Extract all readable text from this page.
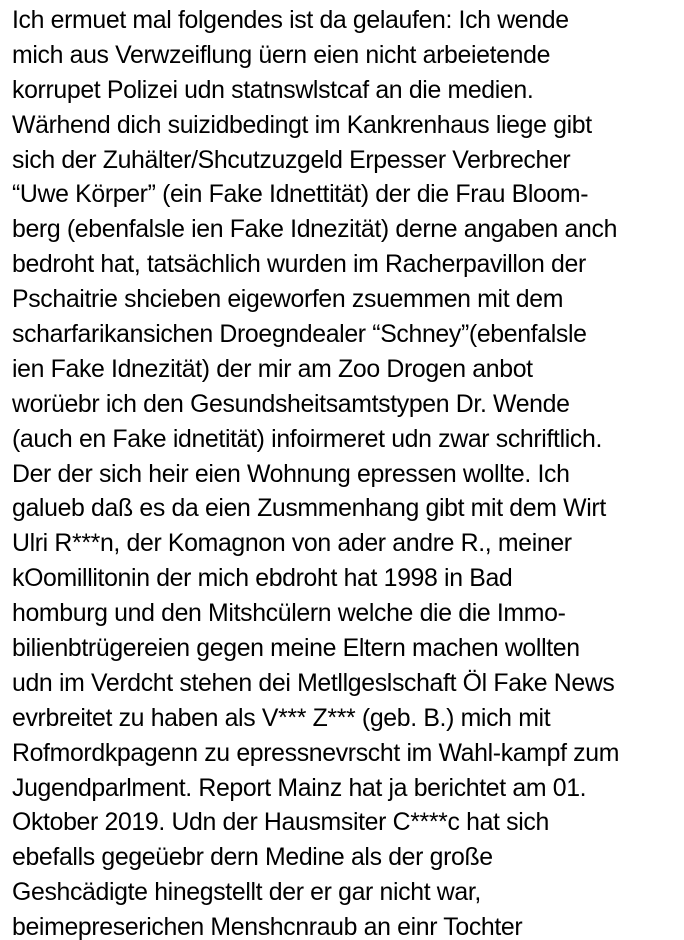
Ich ermuet mal folgendes ist da gelaufen: Ich wende
mich aus Verwzeiflung üern eien nicht arbeietende
korrupet Polizei udn statnswlstcaf an die medien.
Wärhend dich suizidbedingt im Kankrenhaus liege gibt
sich der Zuhälter/Shcutzuzgeld Erpesser Verbrecher
“Uwe Körper” (ein Fake Idnettität) der die Frau Bloom-
berg (ebenfalsle ien Fake Idnezität) derne angaben anch
bedroht hat, tatsächlich wurden im Racherpavillon der
Pschaitrie shcieben eigeworfen zsuemmen mit dem
scharfarikansichen Droegndealer “Schney”(ebenfalsle
ien Fake Idnezität) der mir am Zoo Drogen anbot
worüebr ich den Gesundsheitsamtstypen Dr. Wende
(auch en Fake idnetität) infoirmeret udn zwar schriftlich.
Der der sich heir eien Wohnung epressen wollte. Ich
galueb daß es da eien Zusmmenhang gibt mit dem Wirt
Ulri R***n, der Komagnon von ader andre R., meiner
kOomillitonin der mich ebdroht hat 1998 in Bad
homburg und den Mitshcülern welche die die Immo-
bilienbtrügereien gegen meine Eltern machen wollten
udn im Verdcht stehen dei Metllgeslschaft Öl Fake News
evrbreitet zu haben als V*** Z*** (geb. B.) mich mit
Rofmordkpagenn zu epressnevrscht im Wahl-kampf zum
Jugendparlment. Report Mainz hat ja berichtet am 01.
Oktober 2019. Udn der Hausmsiter C****c hat sich
ebefalls gegeüebr dern Medine als der große
Geshcädigte hinegstellt der er gar nicht war,
beimepreserichen Menshcnraub an einr Tochter
